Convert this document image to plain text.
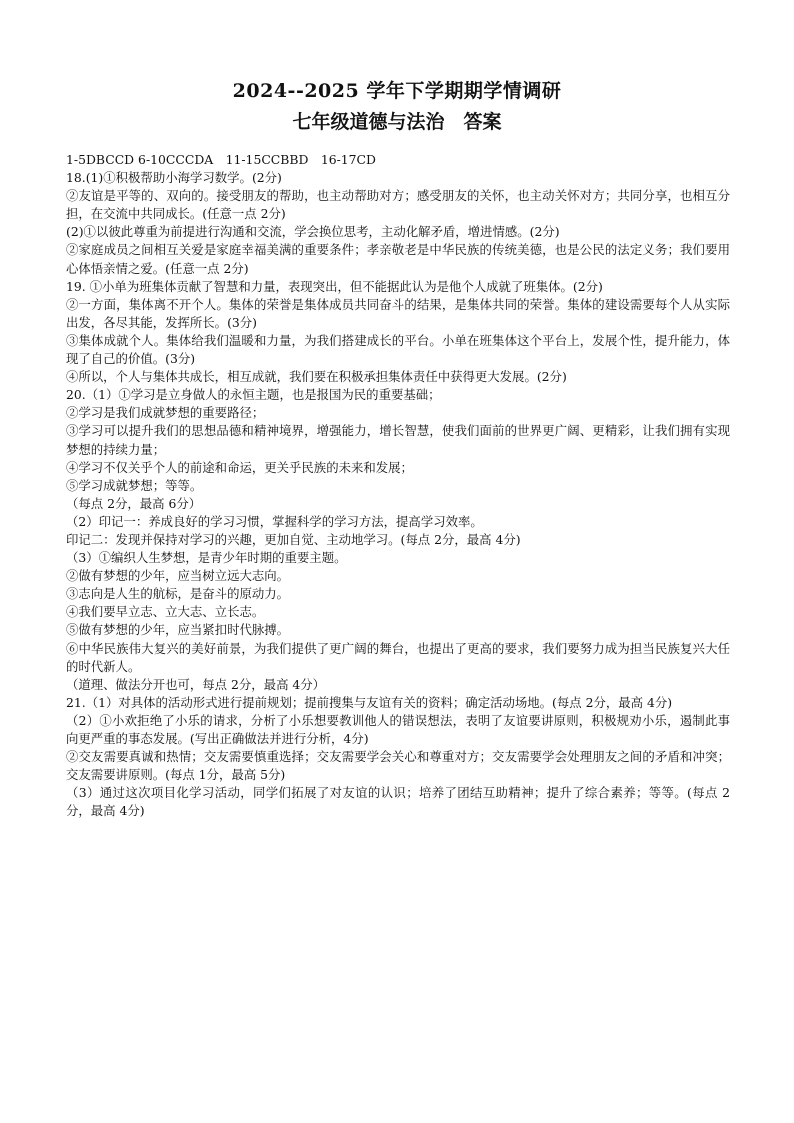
2024--2025 学年下学期期学情调研
七年级道德与法治　答案
1-5DBCCD 6-10CCCDA　11-15CCBBD　16-17CD
18.(1)①积极帮助小海学习数学。(2分)
②友谊是平等的、双向的。接受朋友的帮助，也主动帮助对方；感受朋友的关怀，也主动关怀对方；共同分享，也相互分担，在交流中共同成长。(任意一点 2分)
(2)①以彼此尊重为前提进行沟通和交流，学会换位思考，主动化解矛盾，增进情感。(2分)
②家庭成员之间相互关爱是家庭幸福美满的重要条件；孝亲敬老是中华民族的传统美德，也是公民的法定义务；我们要用心体悟亲情之爱。(任意一点 2分)
19. ①小单为班集体贡献了智慧和力量，表现突出，但不能据此认为是他个人成就了班集体。(2分)
②一方面，集体离不开个人。集体的荣誉是集体成员共同奋斗的结果，是集体共同的荣誉。集体的建设需要每个人从实际出发，各尽其能，发挥所长。(3分)
③集体成就个人。集体给我们温暖和力量，为我们搭建成长的平台。小单在班集体这个平台上，发展个性，提升能力，体现了自己的价值。(3分)
④所以，个人与集体共成长，相互成就，我们要在积极承担集体责任中获得更大发展。(2分)
20.（1）①学习是立身做人的永恒主题，也是报国为民的重要基础；
②学习是我们成就梦想的重要路径；
③学习可以提升我们的思想品德和精神境界，增强能力，增长智慧，使我们面前的世界更广阔、更精彩，让我们拥有实现梦想的持续力量；
④学习不仅关乎个人的前途和命运，更关乎民族的未来和发展；
⑤学习成就梦想；等等。
（每点 2分，最高 6分）
（2）印记一：养成良好的学习习惯，掌握科学的学习方法，提高学习效率。
印记二：发现并保持对学习的兴趣，更加自觉、主动地学习。(每点 2分，最高 4分)
（3）①编织人生梦想，是青少年时期的重要主题。
②做有梦想的少年，应当树立远大志向。
③志向是人生的航标，是奋斗的原动力。
④我们要早立志、立大志、立长志。
⑤做有梦想的少年，应当紧扣时代脉搏。
⑥中华民族伟大复兴的美好前景，为我们提供了更广阔的舞台，也提出了更高的要求，我们要努力成为担当民族复兴大任的时代新人。
（道理、做法分开也可，每点 2分，最高 4分）
21.（1）对具体的活动形式进行提前规划；提前搜集与友谊有关的资料；确定活动场地。(每点 2分，最高 4分)
（2）①小欢拒绝了小乐的请求，分析了小乐想要教训他人的错误想法，表明了友谊要讲原则，积极规劝小乐，遏制此事向更严重的事态发展。(写出正确做法并进行分析，4分)
②交友需要真诚和热情；交友需要慎重选择；交友需要学会关心和尊重对方；交友需要学会处理朋友之间的矛盾和冲突；交友需要讲原则。(每点 1分，最高 5分)
（3）通过这次项目化学习活动，同学们拓展了对友谊的认识；培养了团结互助精神；提升了综合素养；等等。(每点 2分，最高 4分)
